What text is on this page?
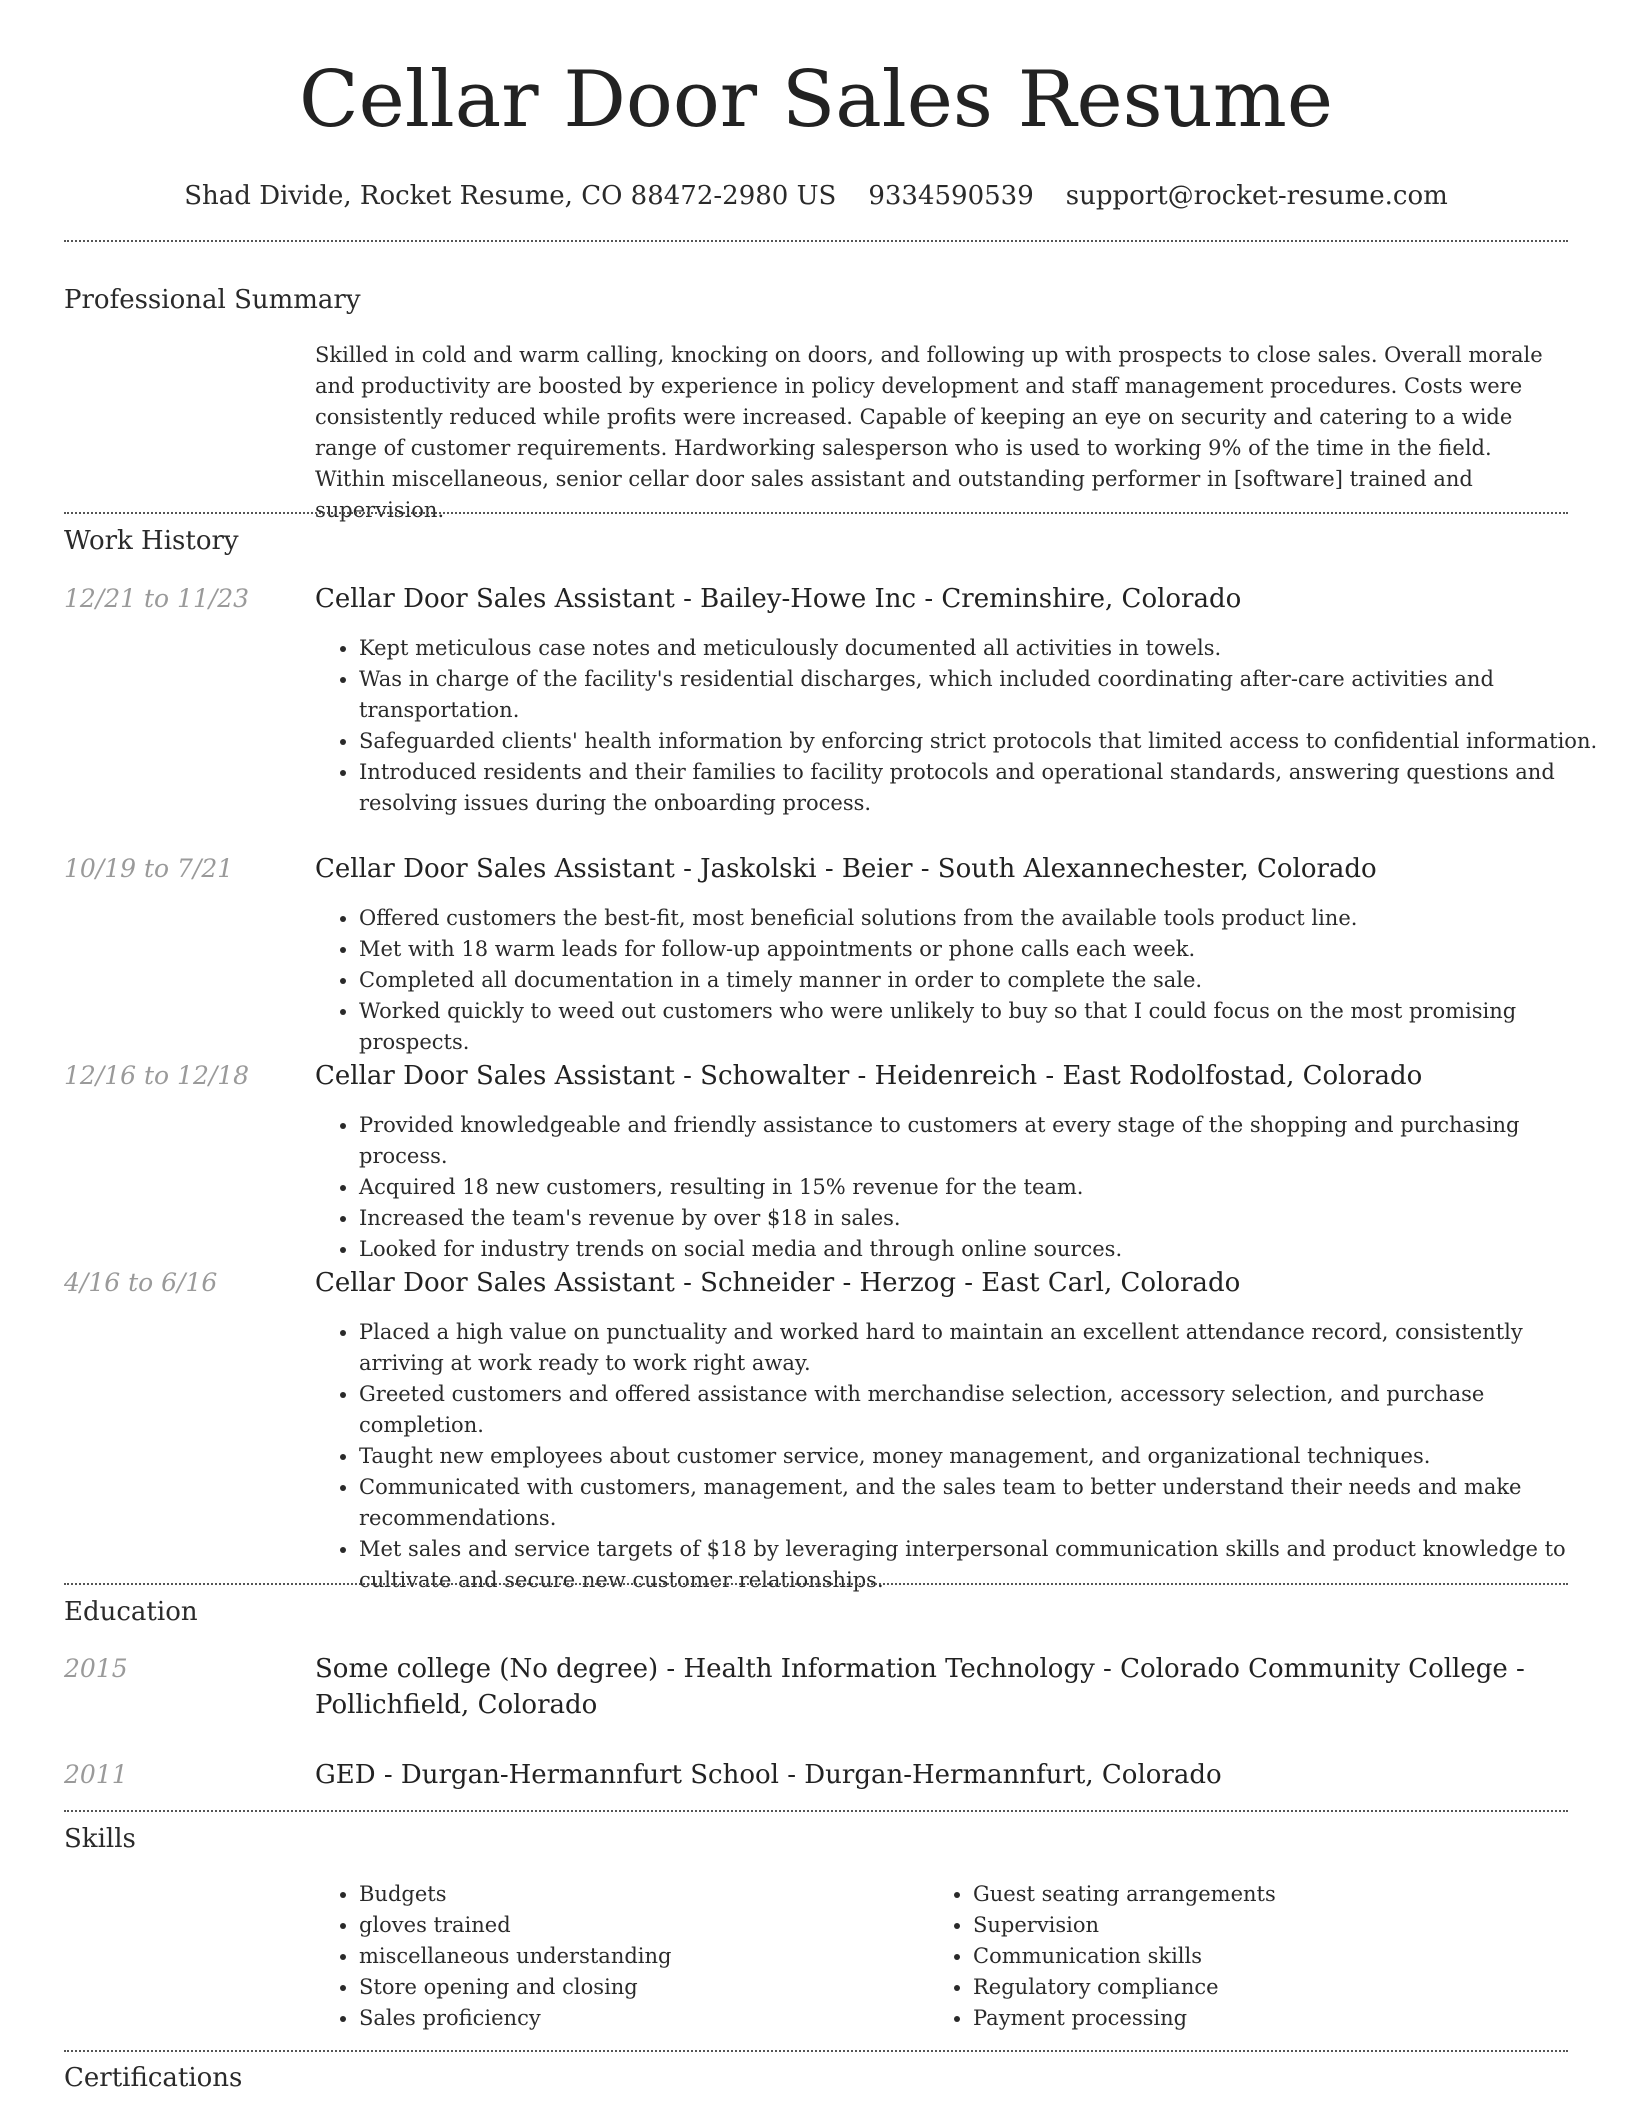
Cellar Door Sales Resume
Shad Divide, Rocket Resume, CO 88472-2980 US 9334590539 support@rocket-resume.com
Professional Summary

Skilled in cold and warm calling, knocking on doors, and following up with prospects to close sales. Overall morale and productivity are boosted by experience in policy development and staff management procedures. Costs were consistently reduced while profits were increased. Capable of keeping an eye on security and catering to a wide range of customer requirements. Hardworking salesperson who is used to working 9% of the time in the field. Within miscellaneous, senior cellar door sales assistant and outstanding performer in [software] trained and supervision.

Work History
12/21 to 11/23	Cellar Door Sales Assistant - Bailey-Howe Inc - Creminshire, Colorado
• Kept meticulous case notes and meticulously documented all activities in towels.
• Was in charge of the facility's residential discharges, which included coordinating after-care activities and transportation.
• Safeguarded clients' health information by enforcing strict protocols that limited access to confidential information.
• Introduced residents and their families to facility protocols and operational standards, answering questions and resolving issues during the onboarding process.
10/19 to 7/21	Cellar Door Sales Assistant - Jaskolski - Beier - South Alexannechester, Colorado
• Offered customers the best-fit, most beneficial solutions from the available tools product line.
• Met with 18 warm leads for follow-up appointments or phone calls each week.
• Completed all documentation in a timely manner in order to complete the sale.
• Worked quickly to weed out customers who were unlikely to buy so that I could focus on the most promising prospects.
12/16 to 12/18	Cellar Door Sales Assistant - Schowalter - Heidenreich - East Rodolfostad, Colorado
• Provided knowledgeable and friendly assistance to customers at every stage of the shopping and purchasing process.
• Acquired 18 new customers, resulting in 15% revenue for the team.
• Increased the team's revenue by over $18 in sales.
• Looked for industry trends on social media and through online sources.
4/16 to 6/16	Cellar Door Sales Assistant - Schneider - Herzog - East Carl, Colorado
• Placed a high value on punctuality and worked hard to maintain an excellent attendance record, consistently arriving at work ready to work right away.
• Greeted customers and offered assistance with merchandise selection, accessory selection, and purchase completion.
• Taught new employees about customer service, money management, and organizational techniques.
• Communicated with customers, management, and the sales team to better understand their needs and make recommendations.
• Met sales and service targets of $18 by leveraging interpersonal communication skills and product knowledge to cultivate and secure new customer relationships.
Education
2015	Some college (No degree) - Health Information Technology - Colorado Community College - Pollichfield, Colorado
2011	GED - Durgan-Hermannfurt School - Durgan-Hermannfurt, Colorado
Skills
• Budgets
• gloves trained
• miscellaneous understanding
• Store opening and closing
• Sales proficiency
• Guest seating arrangements
• Supervision
• Communication skills
• Regulatory compliance
• Payment processing
Certifications
